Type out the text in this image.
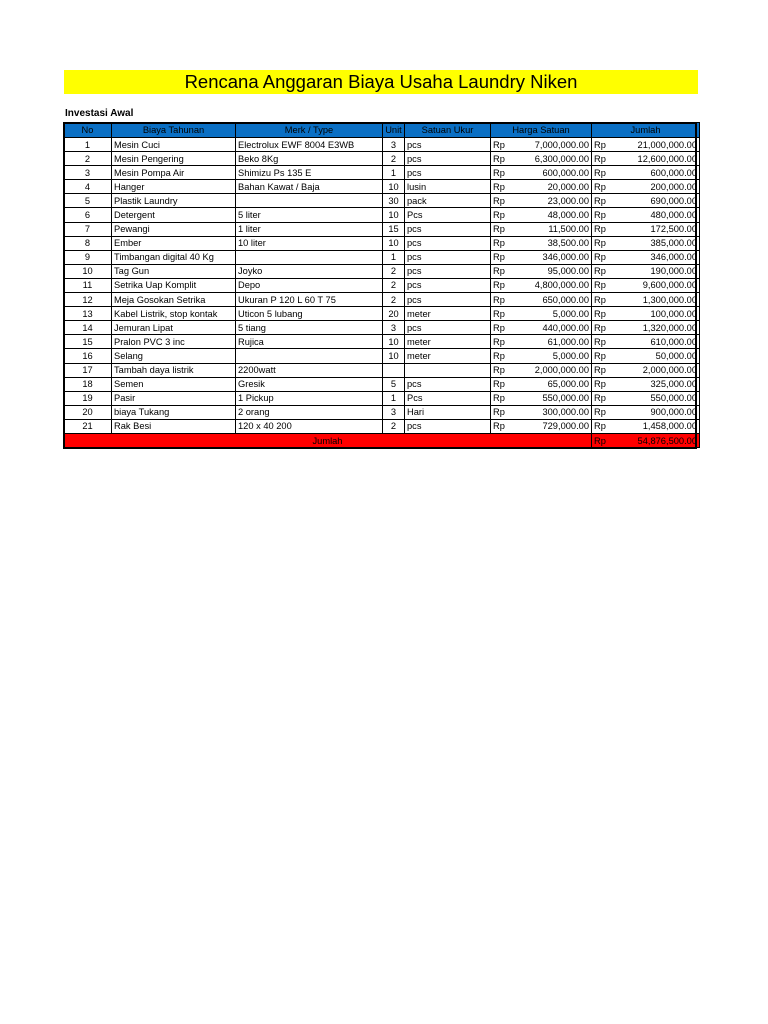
Rencana Anggaran Biaya Usaha Laundry Niken
Investasi Awal
No	Biaya Tahunan	Merk / Type	Unit	Satuan Ukur	Harga Satuan		Jumlah	
1	Mesin Cuci	Electrolux EWF 8004 E3WB	3	pcs	Rp	7,000,000.00	Rp	21,000,000.00
2	Mesin Pengering	Beko 8Kg	2	pcs	Rp	6,300,000.00	Rp	12,600,000.00
3	Mesin Pompa Air	Shimizu Ps 135 E	1	pcs	Rp	600,000.00	Rp	600,000.00
4	Hanger	Bahan Kawat / Baja	10	lusin	Rp	20,000.00	Rp	200,000.00
5	Plastik Laundry		30	pack	Rp	23,000.00	Rp	690,000.00
6	Detergent	5 liter	10	Pcs	Rp	48,000.00	Rp	480,000.00
7	Pewangi	1 liter	15	pcs	Rp	11,500.00	Rp	172,500.00
8	Ember	10 liter	10	pcs	Rp	38,500.00	Rp	385,000.00
9	Timbangan digital 40 Kg		1	pcs	Rp	346,000.00	Rp	346,000.00
10	Tag Gun	Joyko	2	pcs	Rp	95,000.00	Rp	190,000.00
11	Setrika Uap Komplit	Depo	2	pcs	Rp	4,800,000.00	Rp	9,600,000.00
12	Meja Gosokan Setrika	Ukuran P 120 L 60 T 75	2	pcs	Rp	650,000.00	Rp	1,300,000.00
13	Kabel Listrik, stop kontak	Uticon 5 lubang	20	meter	Rp	5,000.00	Rp	100,000.00
14	Jemuran Lipat	5 tiang	3	pcs	Rp	440,000.00	Rp	1,320,000.00
15	Pralon PVC 3 inc	Rujica	10	meter	Rp	61,000.00	Rp	610,000.00
16	Selang		10	meter	Rp	5,000.00	Rp	50,000.00
17	Tambah daya listrik	2200watt			Rp	2,000,000.00	Rp	2,000,000.00
18	Semen	Gresik	5	pcs	Rp	65,000.00	Rp	325,000.00
19	Pasir	1 Pickup	1	Pcs	Rp	550,000.00	Rp	550,000.00
20	biaya Tukang	2 orang	3	Hari	Rp	300,000.00	Rp	900,000.00
21	Rak Besi	120 x 40 200	2	pcs	Rp	729,000.00	Rp	1,458,000.00
Jumlah							Rp	54,876,500.00
